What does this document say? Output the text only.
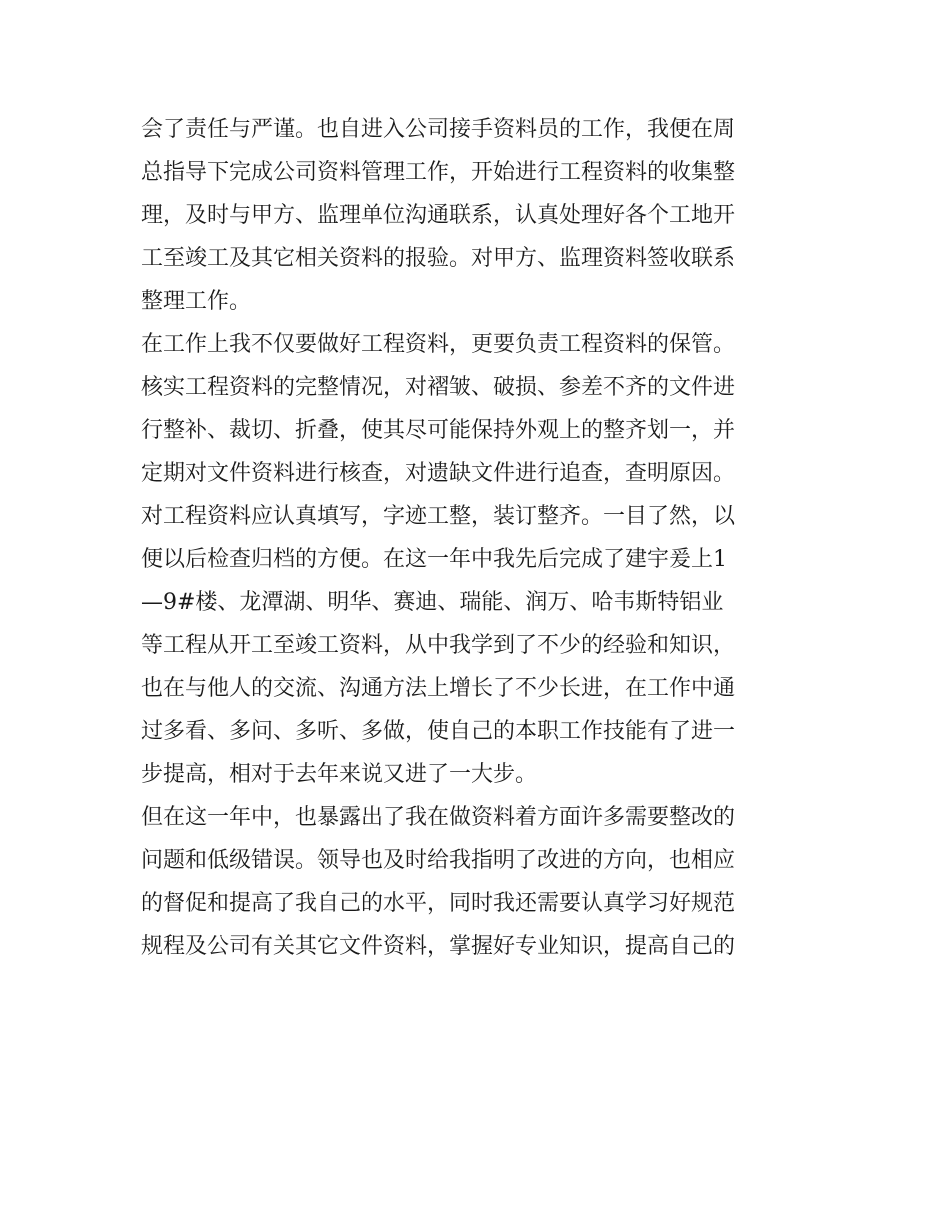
会了责任与严谨。也自进入公司接手资料员的工作，我便在周
总指导下完成公司资料管理工作，开始进行工程资料的收集整
理，及时与甲方、监理单位沟通联系，认真处理好各个工地开
工至竣工及其它相关资料的报验。对甲方、监理资料签收联系
整理工作。
在工作上我不仅要做好工程资料，更要负责工程资料的保管。
核实工程资料的完整情况，对褶皱、破损、参差不齐的文件进
行整补、裁切、折叠，使其尽可能保持外观上的整齐划一，并
定期对文件资料进行核查，对遗缺文件进行追查，查明原因。
对工程资料应认真填写，字迹工整，装订整齐。一目了然，以
便以后检查归档的方便。在这一年中我先后完成了建宇爰上1
—9#楼、龙潭湖、明华、赛迪、瑞能、润万、哈韦斯特铝业
等工程从开工至竣工资料，从中我学到了不少的经验和知识，
也在与他人的交流、沟通方法上增长了不少长进，在工作中通
过多看、多问、多听、多做，使自己的本职工作技能有了进一
步提高，相对于去年来说又进了一大步。
但在这一年中，也暴露出了我在做资料着方面许多需要整改的
问题和低级错误。领导也及时给我指明了改进的方向，也相应
的督促和提高了我自己的水平，同时我还需要认真学习好规范
规程及公司有关其它文件资料，掌握好专业知识，提高自己的
